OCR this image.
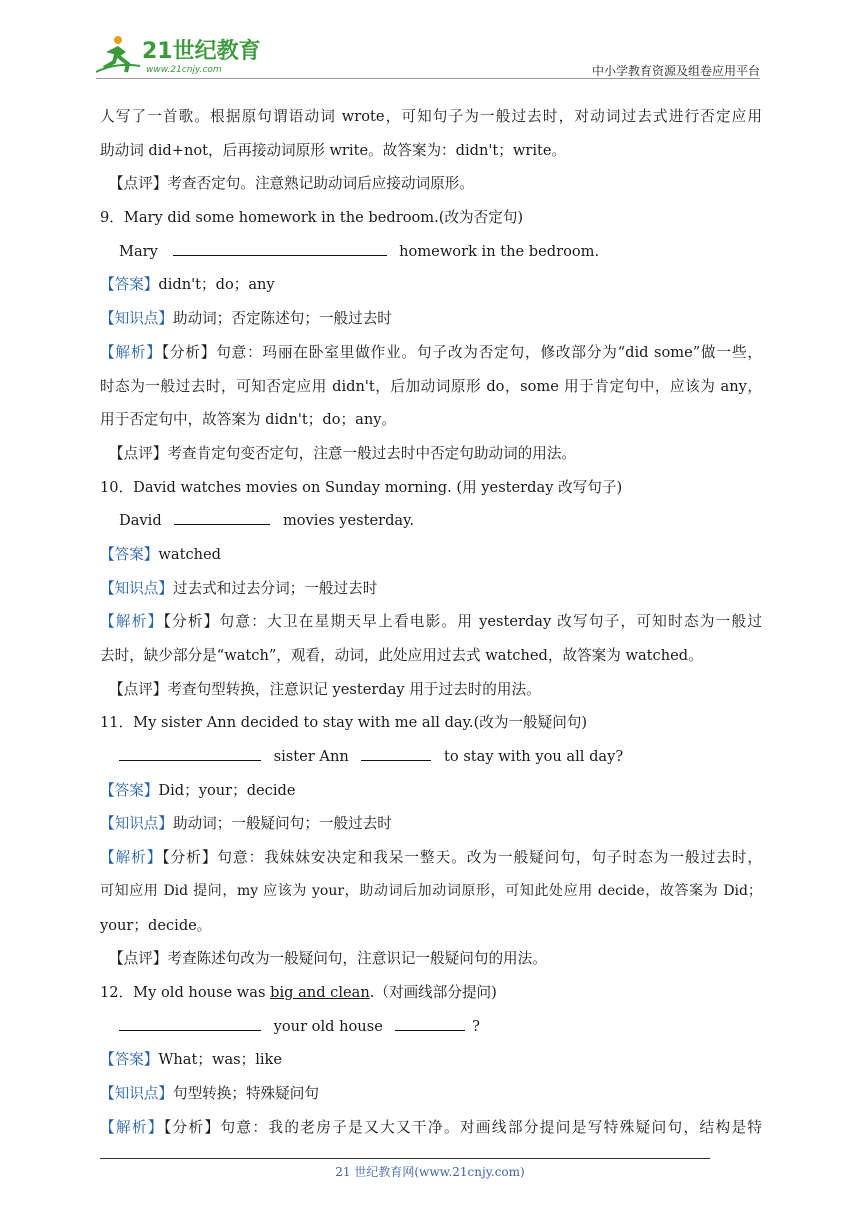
21世纪教育
www.21cnjy.com	中小学教育资源及组卷应用平台
人写了一首歌。根据原句谓语动词 wrote，可知句子为一般过去时，对动词过去式进行否定应用
助动词 did+not，后再接动词原形 write。故答案为：didn't；write。
【点评】考查否定句。注意熟记助动词后应接动词原形。
9．Mary did some homework in the bedroom.(改为否定句)
Mary	homework in the bedroom.
【答案】didn't；do；any
【知识点】助动词；否定陈述句；一般过去时
【解析】【分析】句意：玛丽在卧室里做作业。句子改为否定句，修改部分为“did some”做一些，
时态为一般过去时，可知否定应用 didn't，后加动词原形 do，some 用于肯定句中，应该为 any，
用于否定句中，故答案为 didn't；do；any。
【点评】考查肯定句变否定句，注意一般过去时中否定句助动词的用法。
10．David watches movies on Sunday morning. (用 yesterday 改写句子)
David	movies yesterday.
【答案】watched
【知识点】过去式和过去分词；一般过去时
【解析】【分析】句意：大卫在星期天早上看电影。用 yesterday 改写句子，可知时态为一般过
去时，缺少部分是“watch”，观看，动词，此处应用过去式 watched，故答案为 watched。
【点评】考查句型转换，注意识记 yesterday 用于过去时的用法。
11．My sister Ann decided to stay with me all day.(改为一般疑问句)
sister Ann	to stay with you all day?
【答案】Did；your；decide
【知识点】助动词；一般疑问句；一般过去时
【解析】【分析】句意：我妹妹安决定和我呆一整天。改为一般疑问句，句子时态为一般过去时，
可知应用 Did 提问，my 应该为 your，助动词后加动词原形，可知此处应用 decide，故答案为 Did；
your；decide。
【点评】考查陈述句改为一般疑问句，注意识记一般疑问句的用法。
12．My old house was big and clean.（对画线部分提问)
your old house	?
【答案】What；was；like
【知识点】句型转换；特殊疑问句
【解析】【分析】句意：我的老房子是又大又干净。对画线部分提问是写特殊疑问句，结构是特
21 世纪教育网(www.21cnjy.com)
